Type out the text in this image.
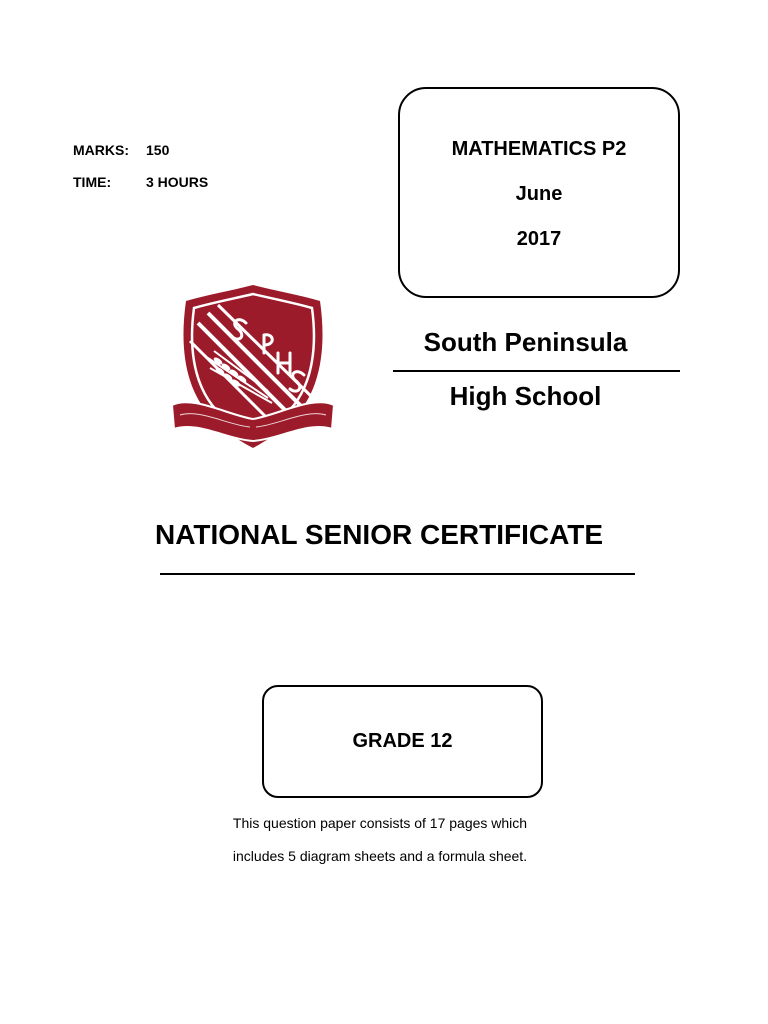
MARKS: 150
TIME: 3 HOURS
MATHEMATICS P2
June
2017
South Peninsula
High School
NATIONAL SENIOR CERTIFICATE
GRADE 12
This question paper consists of 17 pages which
includes 5 diagram sheets and a formula sheet.
